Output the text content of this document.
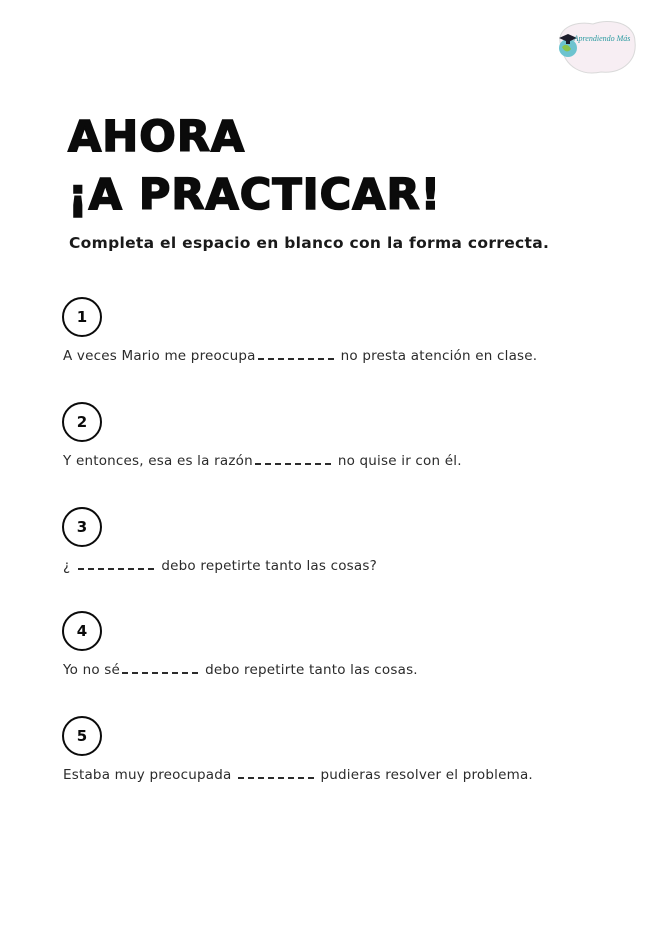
Aprendiendo Más
AHORA
¡A PRACTICAR!

Completa el espacio en blanco con la forma correcta.

1
A veces Mario me preocupa	no presta atención en clase.
2
Y entonces, esa es la razón	no quise ir con él.
3
¿	debo repetirte tanto las cosas?
4
Yo no sé	debo repetirte tanto las cosas.
5
Estaba muy preocupada	pudieras resolver el problema.
